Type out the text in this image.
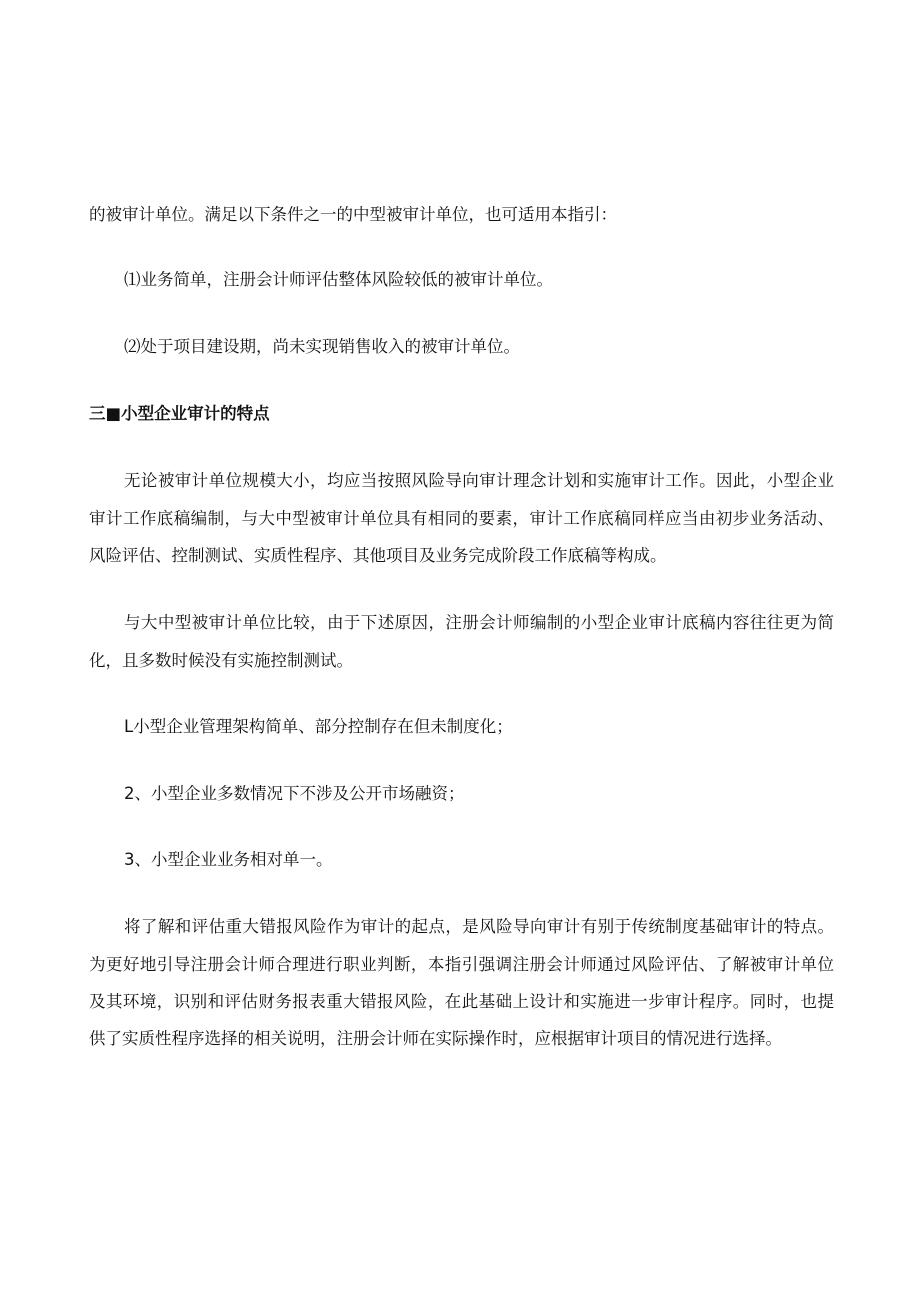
的被审计单位。满足以下条件之一的中型被审计单位，也可适用本指引：
⑴业务简单，注册会计师评估整体风险较低的被审计单位。
⑵处于项目建设期，尚未实现销售收入的被审计单位。
三■小型企业审计的特点
无论被审计单位规模大小，均应当按照风险导向审计理念计划和实施审计工作。因此，小型企业
审计工作底稿编制，与大中型被审计单位具有相同的要素，审计工作底稿同样应当由初步业务活动、
风险评估、控制测试、实质性程序、其他项目及业务完成阶段工作底稿等构成。
与大中型被审计单位比较，由于下述原因，注册会计师编制的小型企业审计底稿内容往往更为简
化，且多数时候没有实施控制测试。
L小型企业管理架构简单、部分控制存在但未制度化；
2、小型企业多数情况下不涉及公开市场融资；
3、小型企业业务相对单一。
将了解和评估重大错报风险作为审计的起点，是风险导向审计有别于传统制度基础审计的特点。
为更好地引导注册会计师合理进行职业判断，本指引强调注册会计师通过风险评估、了解被审计单位
及其环境，识别和评估财务报表重大错报风险，在此基础上设计和实施进一步审计程序。同时，也提
供了实质性程序选择的相关说明，注册会计师在实际操作时，应根据审计项目的情况进行选择。
